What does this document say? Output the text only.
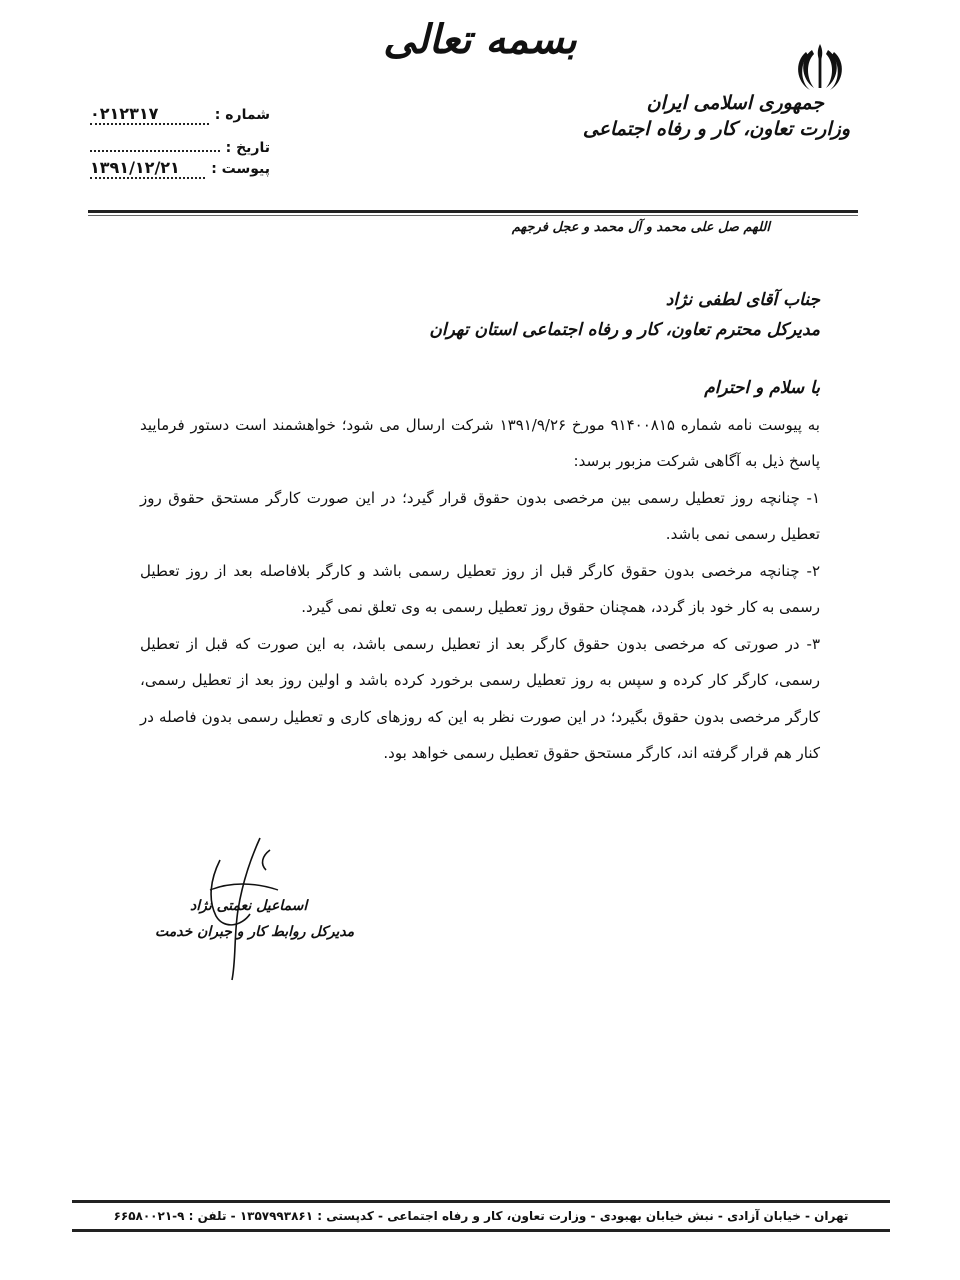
بسمه تعالی
جمهوری اسلامی ایران
وزارت تعاون، کار و رفاه اجتماعی
شماره :
۰۲۱۲۳۱۷
تاریخ :
پیوست :
۱۳۹۱/۱۲/۲۱
اللهم صل علی محمد و آل محمد و عجل فرجهم
جناب آقای لطفی نژاد
مدیرکل محترم تعاون، کار و رفاه اجتماعی استان تهران

با سلام و احترام

به پیوست نامه شماره ۹۱۴۰۰۸۱۵ مورخ ۱۳۹۱/۹/۲۶ شرکت ارسال می شود؛ خواهشمند است دستور فرمایید پاسخ ذیل به آگاهی شرکت مزبور برسد:

۱- چنانچه روز تعطیل رسمی بین مرخصی بدون حقوق قرار گیرد؛ در این صورت کارگر مستحق حقوق روز تعطیل رسمی نمی باشد.

۲- چنانچه مرخصی بدون حقوق کارگر قبل از روز تعطیل رسمی باشد و کارگر بلافاصله بعد از روز تعطیل رسمی به کار خود باز گردد، همچنان حقوق روز تعطیل رسمی به وی تعلق نمی گیرد.

۳- در صورتی که مرخصی بدون حقوق کارگر بعد از تعطیل رسمی باشد، به این صورت که قبل از تعطیل رسمی، کارگر کار کرده و سپس به روز تعطیل رسمی برخورد کرده باشد و اولین روز بعد از تعطیل رسمی، کارگر مرخصی بدون حقوق بگیرد؛ در این صورت نظر به این که روزهای کاری و تعطیل رسمی بدون فاصله در کنار هم قرار گرفته اند، کارگر مستحق حقوق تعطیل رسمی خواهد بود.

اسماعیل نعمتی نژاد
مدیرکل روابط کار و جبران خدمت
تهران - خیابان آزادی - نبش خیابان بهبودی - وزارت تعاون، کار و رفاه اجتماعی - کدپستی : ۱۳۵۷۹۹۳۸۶۱ - تلفن : ۹-۶۶۵۸۰۰۲۱
